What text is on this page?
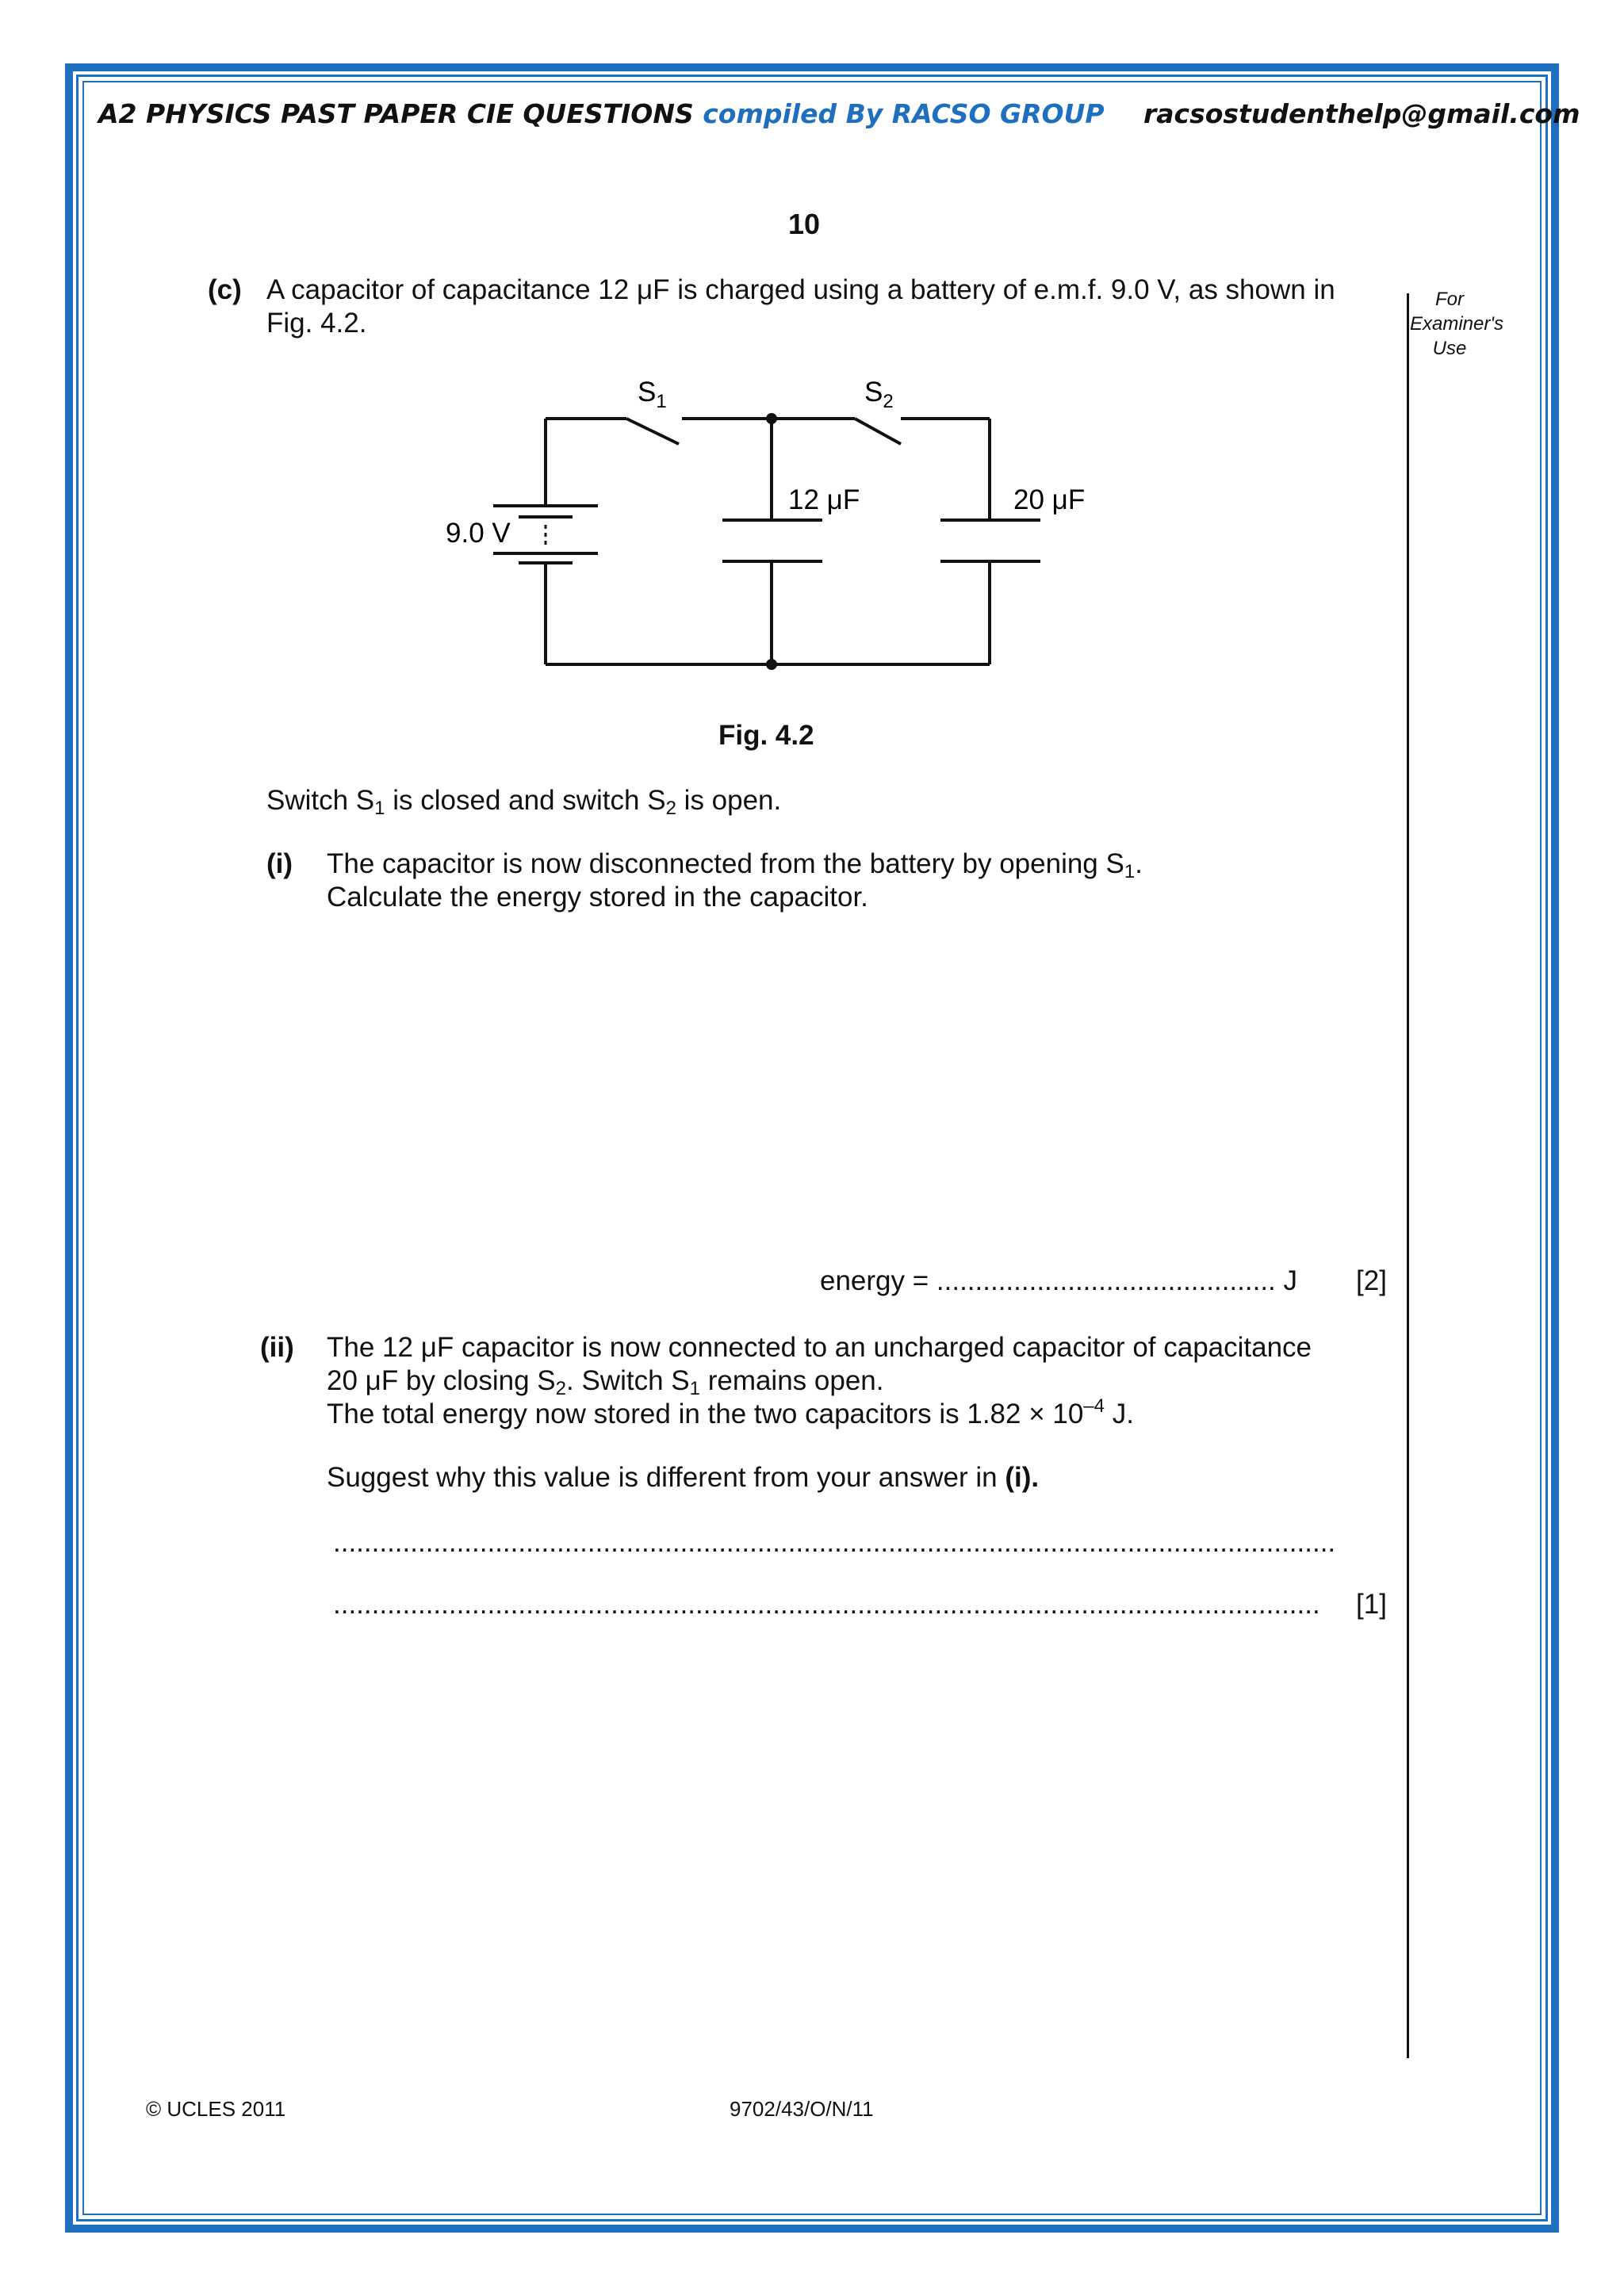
A2 PHYSICS PAST PAPER CIE QUESTIONS compiled By RACSO GROUP racsostudenthelp@gmail.com
10
For
Examiner's
Use
(c) A capacitor of capacitance 12 μF is charged using a battery of e.m.f. 9.0 V, as shown in
Fig. 4.2.
$S_1$	$S_2$
9.0 V
12 μF	20 μF
Fig. 4.2
Switch $S_1$ is closed and switch $S_2$ is open.
(i) The capacitor is now disconnected from the battery by opening $S_1$.
Calculate the energy stored in the capacitor.
energy = ............................................ J [2]
(ii) The 12 μF capacitor is now connected to an uncharged capacitor of capacitance
20 μF by closing $S_2$. Switch $S_1$ remains open.
The total energy now stored in the two capacitors is $1.82 \times 10^{-4}$ J.
Suggest why this value is different from your answer in (i).
..................................................................................................................................
................................................................................................................................	[1]
© UCLES 2011	9702/43/O/N/11
